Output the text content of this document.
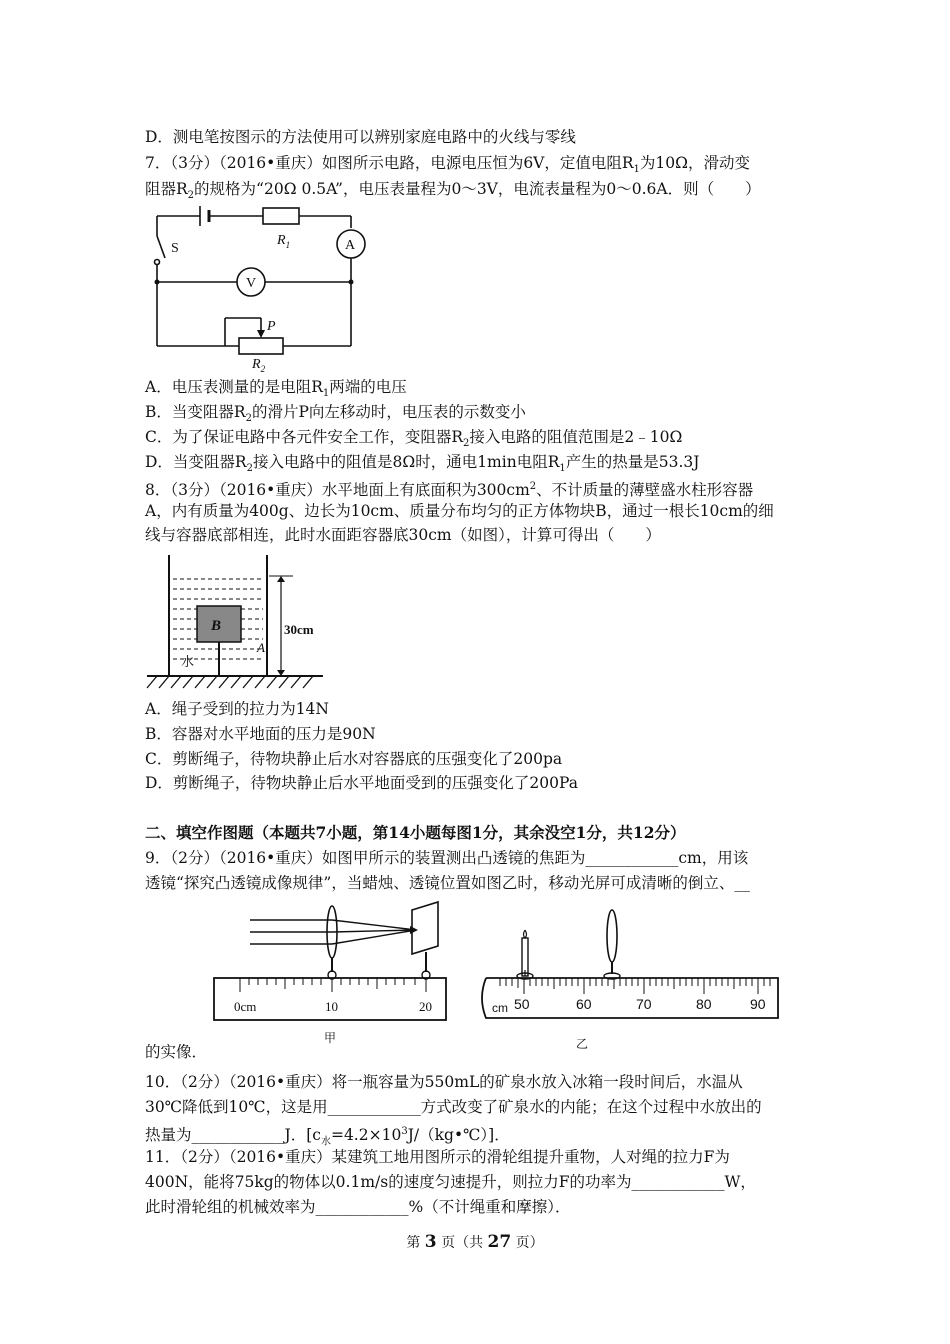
D．测电笔按图示的方法使用可以辨别家庭电路中的火线与零线
7．（3分）（2016•重庆）如图所示电路，电源电压恒为6V，定值电阻$R_1$为10Ω，滑动变
阻器$R_2$的规格为“20Ω 0.5A”，电压表量程为0～3V，电流表量程为0～0.6A．则（　　）
S
$R_1$	A
V
P
$R_2$
A．电压表测量的是电阻$R_1$两端的电压
B．当变阻器$R_2$的滑片P向左移动时，电压表的示数变小
C．为了保证电路中各元件安全工作，变阻器$R_2$接入电路的阻值范围是2﹣10Ω
D．当变阻器$R_2$接入电路中的阻值是8Ω时，通电1min电阻$R_1$产生的热量是53.3J
8．（3分）（2016•重庆）水平地面上有底面积为$300cm^2$、不计质量的薄壁盛水柱形容器
A，内有质量为400g、边长为10cm、质量分布均匀的正方体物块B，通过一根长10cm的细
线与容器底部相连，此时水面距容器底30cm（如图），计算可得出（　　）
B
A
30cm
水
A．绳子受到的拉力为14N
B．容器对水平地面的压力是90N
C．剪断绳子，待物块静止后水对容器底的压强变化了200pa
D．剪断绳子，待物块静止后水平地面受到的压强变化了200Pa
二、填空作图题（本题共7小题，第14小题每图1分，其余没空1分，共12分）
9．（2分）（2016•重庆）如图甲所示的装置测出凸透镜的焦距为____________cm，用该
透镜“探究凸透镜成像规律”，当蜡烛、透镜位置如图乙时，移动光屏可成清晰的倒立、__
0cm	10	20
甲
cm 50	60	70	80	90
乙
的实像．
10．（2分）（2016•重庆）将一瓶容量为550mL的矿泉水放入冰箱一段时间后，水温从
30℃降低到10℃，这是用____________方式改变了矿泉水的内能；在这个过程中水放出的
热量为____________J．$[c_水=4.2\times 10^3J/(kg•℃)]$．
11．（2分）（2016•重庆）某建筑工地用图所示的滑轮组提升重物，人对绳的拉力F为
400N，能将75kg的物体以0.1m/s的速度匀速提升，则拉力F的功率为____________W，
此时滑轮组的机械效率为____________%（不计绳重和摩擦）．
第 3 页（共 27 页）
